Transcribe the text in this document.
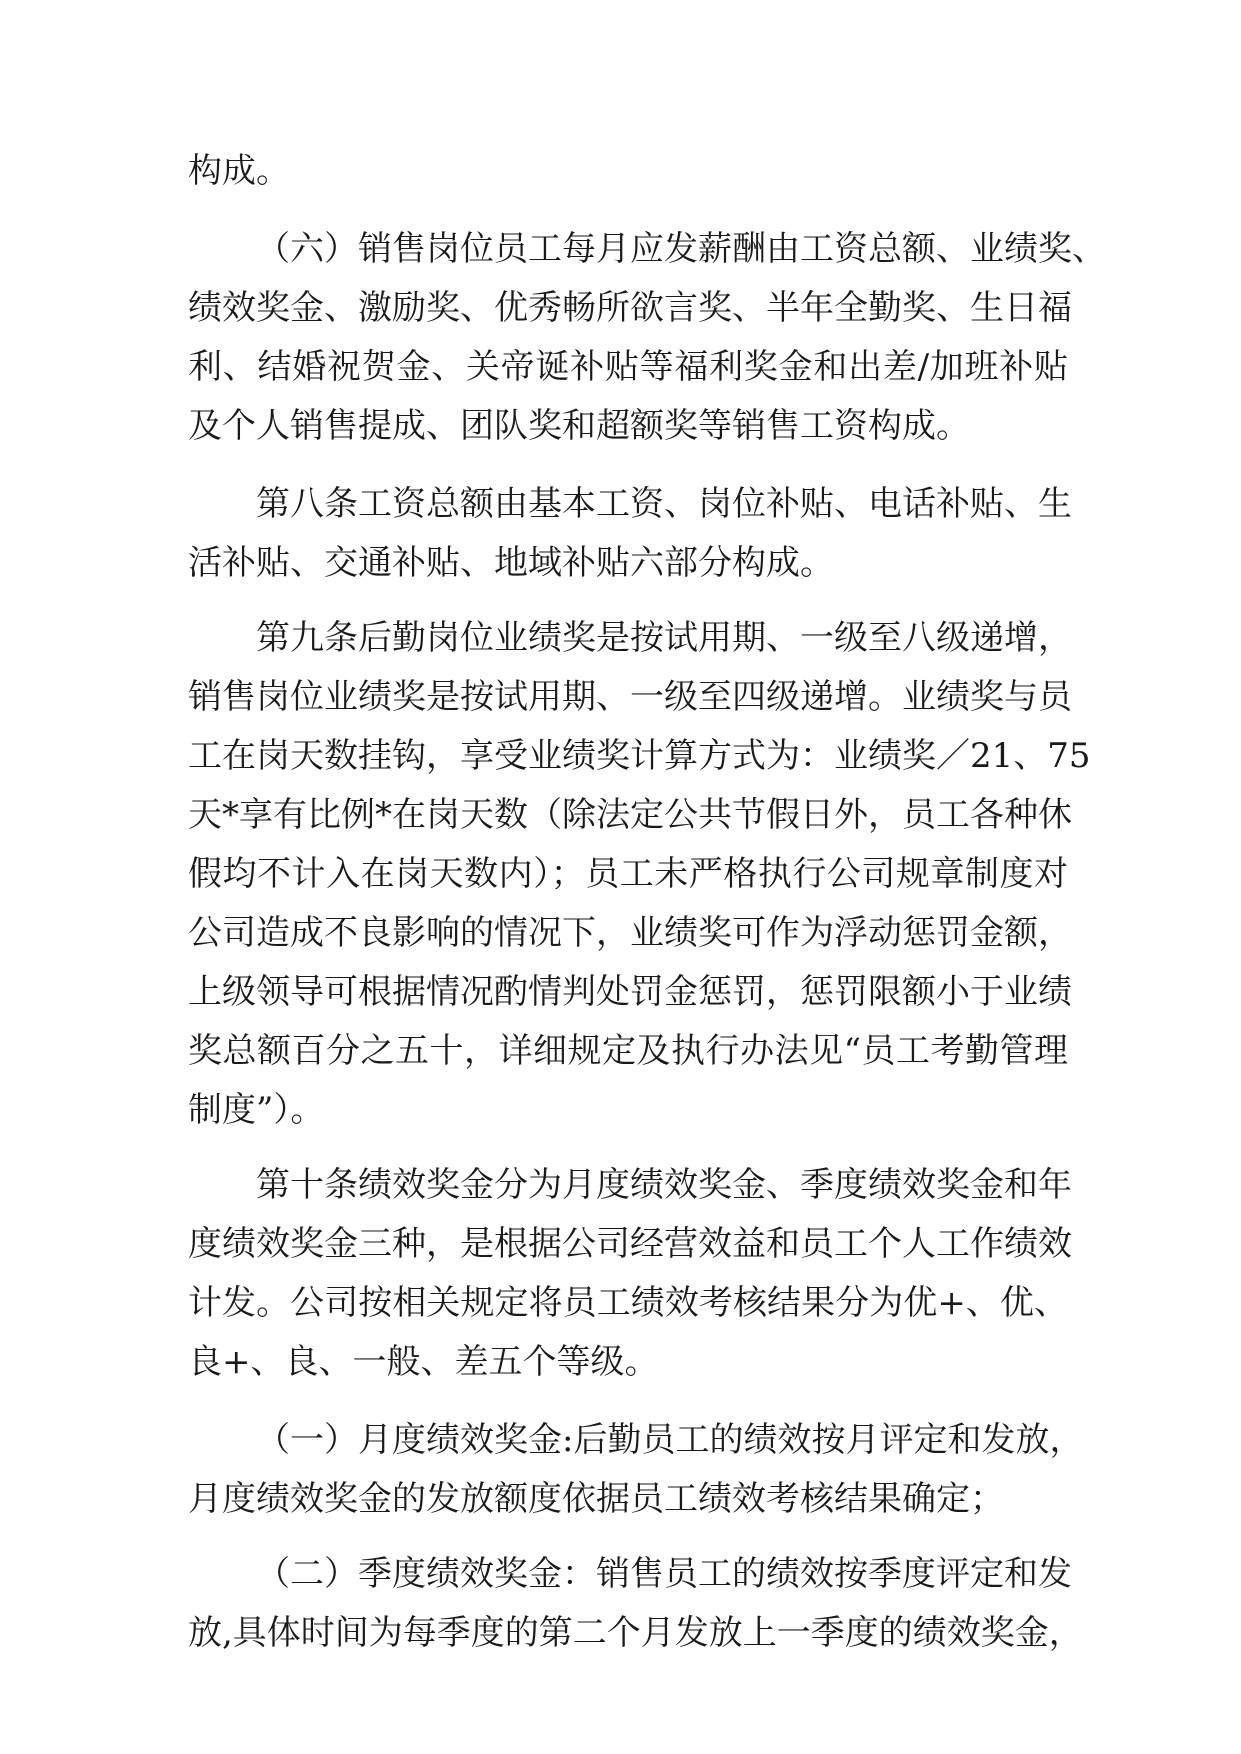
构成。

（六）销售岗位员工每月应发薪酬由工资总额、业绩奖、

绩效奖金、激励奖、优秀畅所欲言奖、半年全勤奖、生日福

利、结婚祝贺金、关帝诞补贴等福利奖金和出差/加班补贴

及个人销售提成、团队奖和超额奖等销售工资构成。

第八条工资总额由基本工资、岗位补贴、电话补贴、生

活补贴、交通补贴、地域补贴六部分构成。

第九条后勤岗位业绩奖是按试用期、一级至八级递增，

销售岗位业绩奖是按试用期、一级至四级递增。业绩奖与员

工在岗天数挂钩，享受业绩奖计算方式为：业绩奖／21、75

天*享有比例*在岗天数（除法定公共节假日外，员工各种休

假均不计入在岗天数内）；员工未严格执行公司规章制度对

公司造成不良影响的情况下，业绩奖可作为浮动惩罚金额，

上级领导可根据情况酌情判处罚金惩罚，惩罚限额小于业绩

奖总额百分之五十，详细规定及执行办法见“员工考勤管理

制度”）。

第十条绩效奖金分为月度绩效奖金、季度绩效奖金和年

度绩效奖金三种，是根据公司经营效益和员工个人工作绩效

计发。公司按相关规定将员工绩效考核结果分为优+、优、

良+、良、一般、差五个等级。

（一）月度绩效奖金:后勤员工的绩效按月评定和发放，

月度绩效奖金的发放额度依据员工绩效考核结果确定；

（二）季度绩效奖金：销售员工的绩效按季度评定和发

放,具体时间为每季度的第二个月发放上一季度的绩效奖金，
